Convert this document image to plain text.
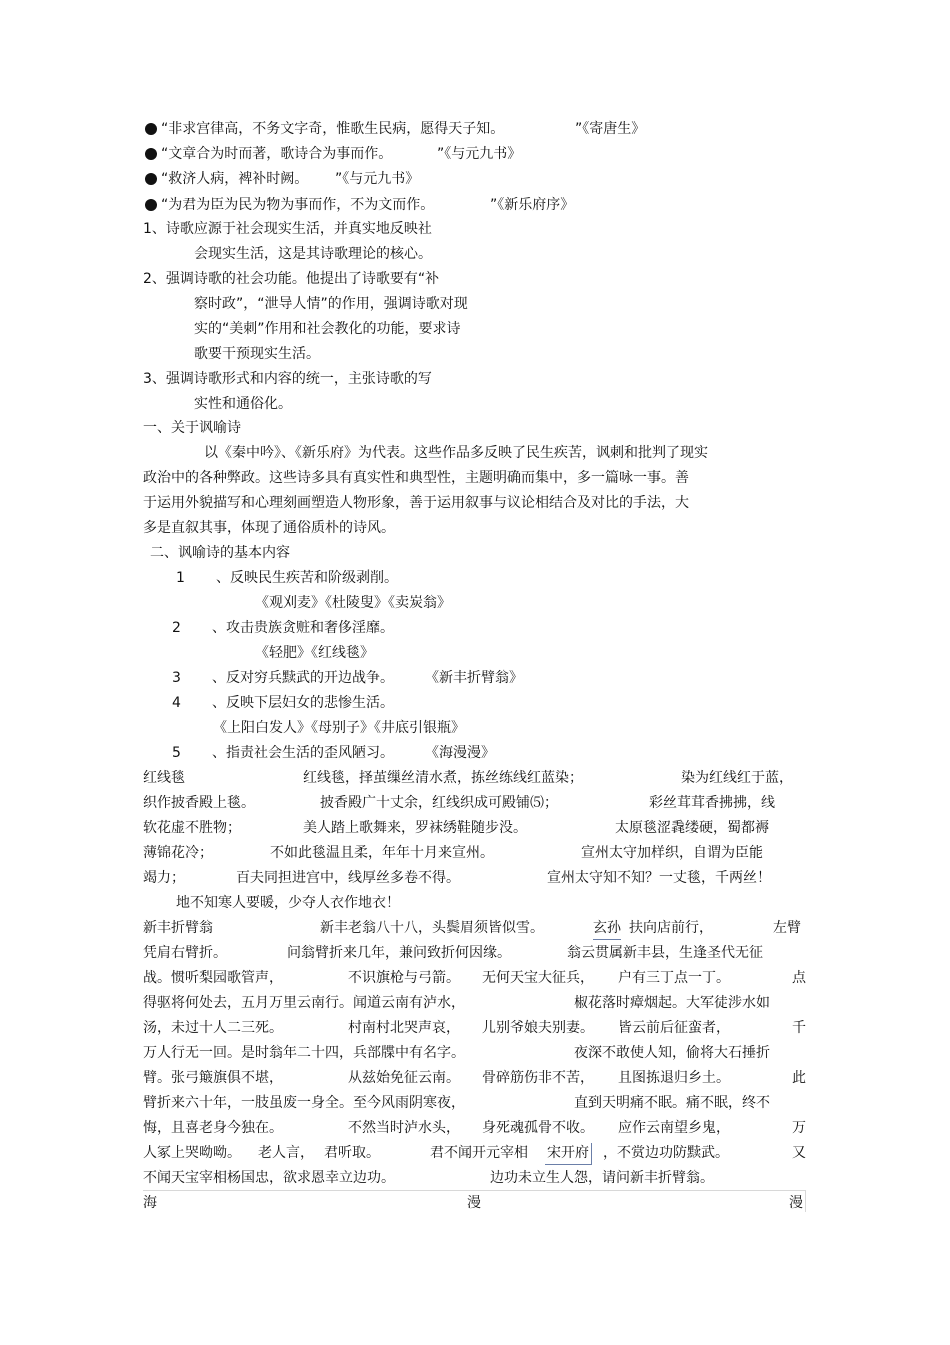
“非求宫律高，不务文字奇，惟歌生民病，愿得天子知。	”《寄唐生》
“文章合为时而著，歌诗合为事而作。	”《与元九书》
“救济人病，裨补时阙。 ”《与元九书》
“为君为臣为民为物为事而作，不为文而作。	”《新乐府序》
1、诗歌应源于社会现实生活，并真实地反映社
会现实生活，这是其诗歌理论的核心。
2、强调诗歌的社会功能。他提出了诗歌要有“补
察时政”，“泄导人情”的作用，强调诗歌对现
实的“美刺”作用和社会教化的功能，要求诗
歌要干预现实生活。
3、强调诗歌形式和内容的统一，主张诗歌的写
实性和通俗化。
一、关于讽喻诗
以《秦中吟》、《新乐府》为代表。这些作品多反映了民生疾苦，讽刺和批判了现实
政治中的各种弊政。这些诗多具有真实性和典型性，主题明确而集中，多一篇咏一事。善
于运用外貌描写和心理刻画塑造人物形象，善于运用叙事与议论相结合及对比的手法，大
多是直叙其事，体现了通俗质朴的诗风。
二、讽喻诗的基本内容
1 、反映民生疾苦和阶级剥削。
《观刈麦》《杜陵叟》《卖炭翁》
2 、攻击贵族贪赃和奢侈淫靡。
《轻肥》《红线毯》
3 、反对穷兵黩武的开边战争。 《新丰折臂翁》
4 、反映下层妇女的悲惨生活。
《上阳白发人》《母别子》《井底引银瓶》
5 、指责社会生活的歪风陋习。 《海漫漫》
红线毯	红线毯，择茧缫丝清水煮，拣丝练线红蓝染；	染为红线红于蓝，
织作披香殿上毯。	披香殿广十丈余，红线织成可殿铺⑸；	彩丝茸茸香拂拂，线
软花虚不胜物；	美人踏上歌舞来，罗袜绣鞋随步没。	太原毯涩毳缕硬，蜀都褥
薄锦花冷；	不如此毯温且柔，年年十月来宣州。	宣州太守加样织，自谓为臣能
竭力；	百夫同担进宫中，线厚丝多卷不得。	宣州太守知不知？一丈毯，千两丝！
地不知寒人要暖，少夺人衣作地衣！
新丰折臂翁	新丰老翁八十八，头鬓眉须皆似雪。	玄孙 扶向店前行，	左臂
凭肩右臂折。	问翁臂折来几年，兼问致折何因缘。	翁云贯属新丰县，生逢圣代无征
战。惯听梨园歌管声，	不识旗枪与弓箭。 无何天宝大征兵， 户有三丁点一丁。	点
得驱将何处去，五月万里云南行。闻道云南有泸水，	椒花落时瘴烟起。大军徒涉水如
汤，未过十人二三死。	村南村北哭声哀， 儿别爷娘夫别妻。 皆云前后征蛮者，	千
万人行无一回。是时翁年二十四，兵部牒中有名字。	夜深不敢使人知，偷将大石捶折
臂。张弓簸旗俱不堪，	从兹始免征云南。 骨碎筋伤非不苦， 且图拣退归乡土。	此
臂折来六十年，一肢虽废一身全。至今风雨阴寒夜，	直到天明痛不眠。痛不眠，终不
悔，且喜老身今独在。	不然当时泸水头， 身死魂孤骨不收。 应作云南望乡鬼，	万
人冢上哭呦呦。 老人言， 君听取。	君不闻开元宰相 宋开府 ，不赏边功防黩武。	又
不闻天宝宰相杨国忠，欲求恩幸立边功。	边功未立生人怨，请问新丰折臂翁。
海	漫	漫
